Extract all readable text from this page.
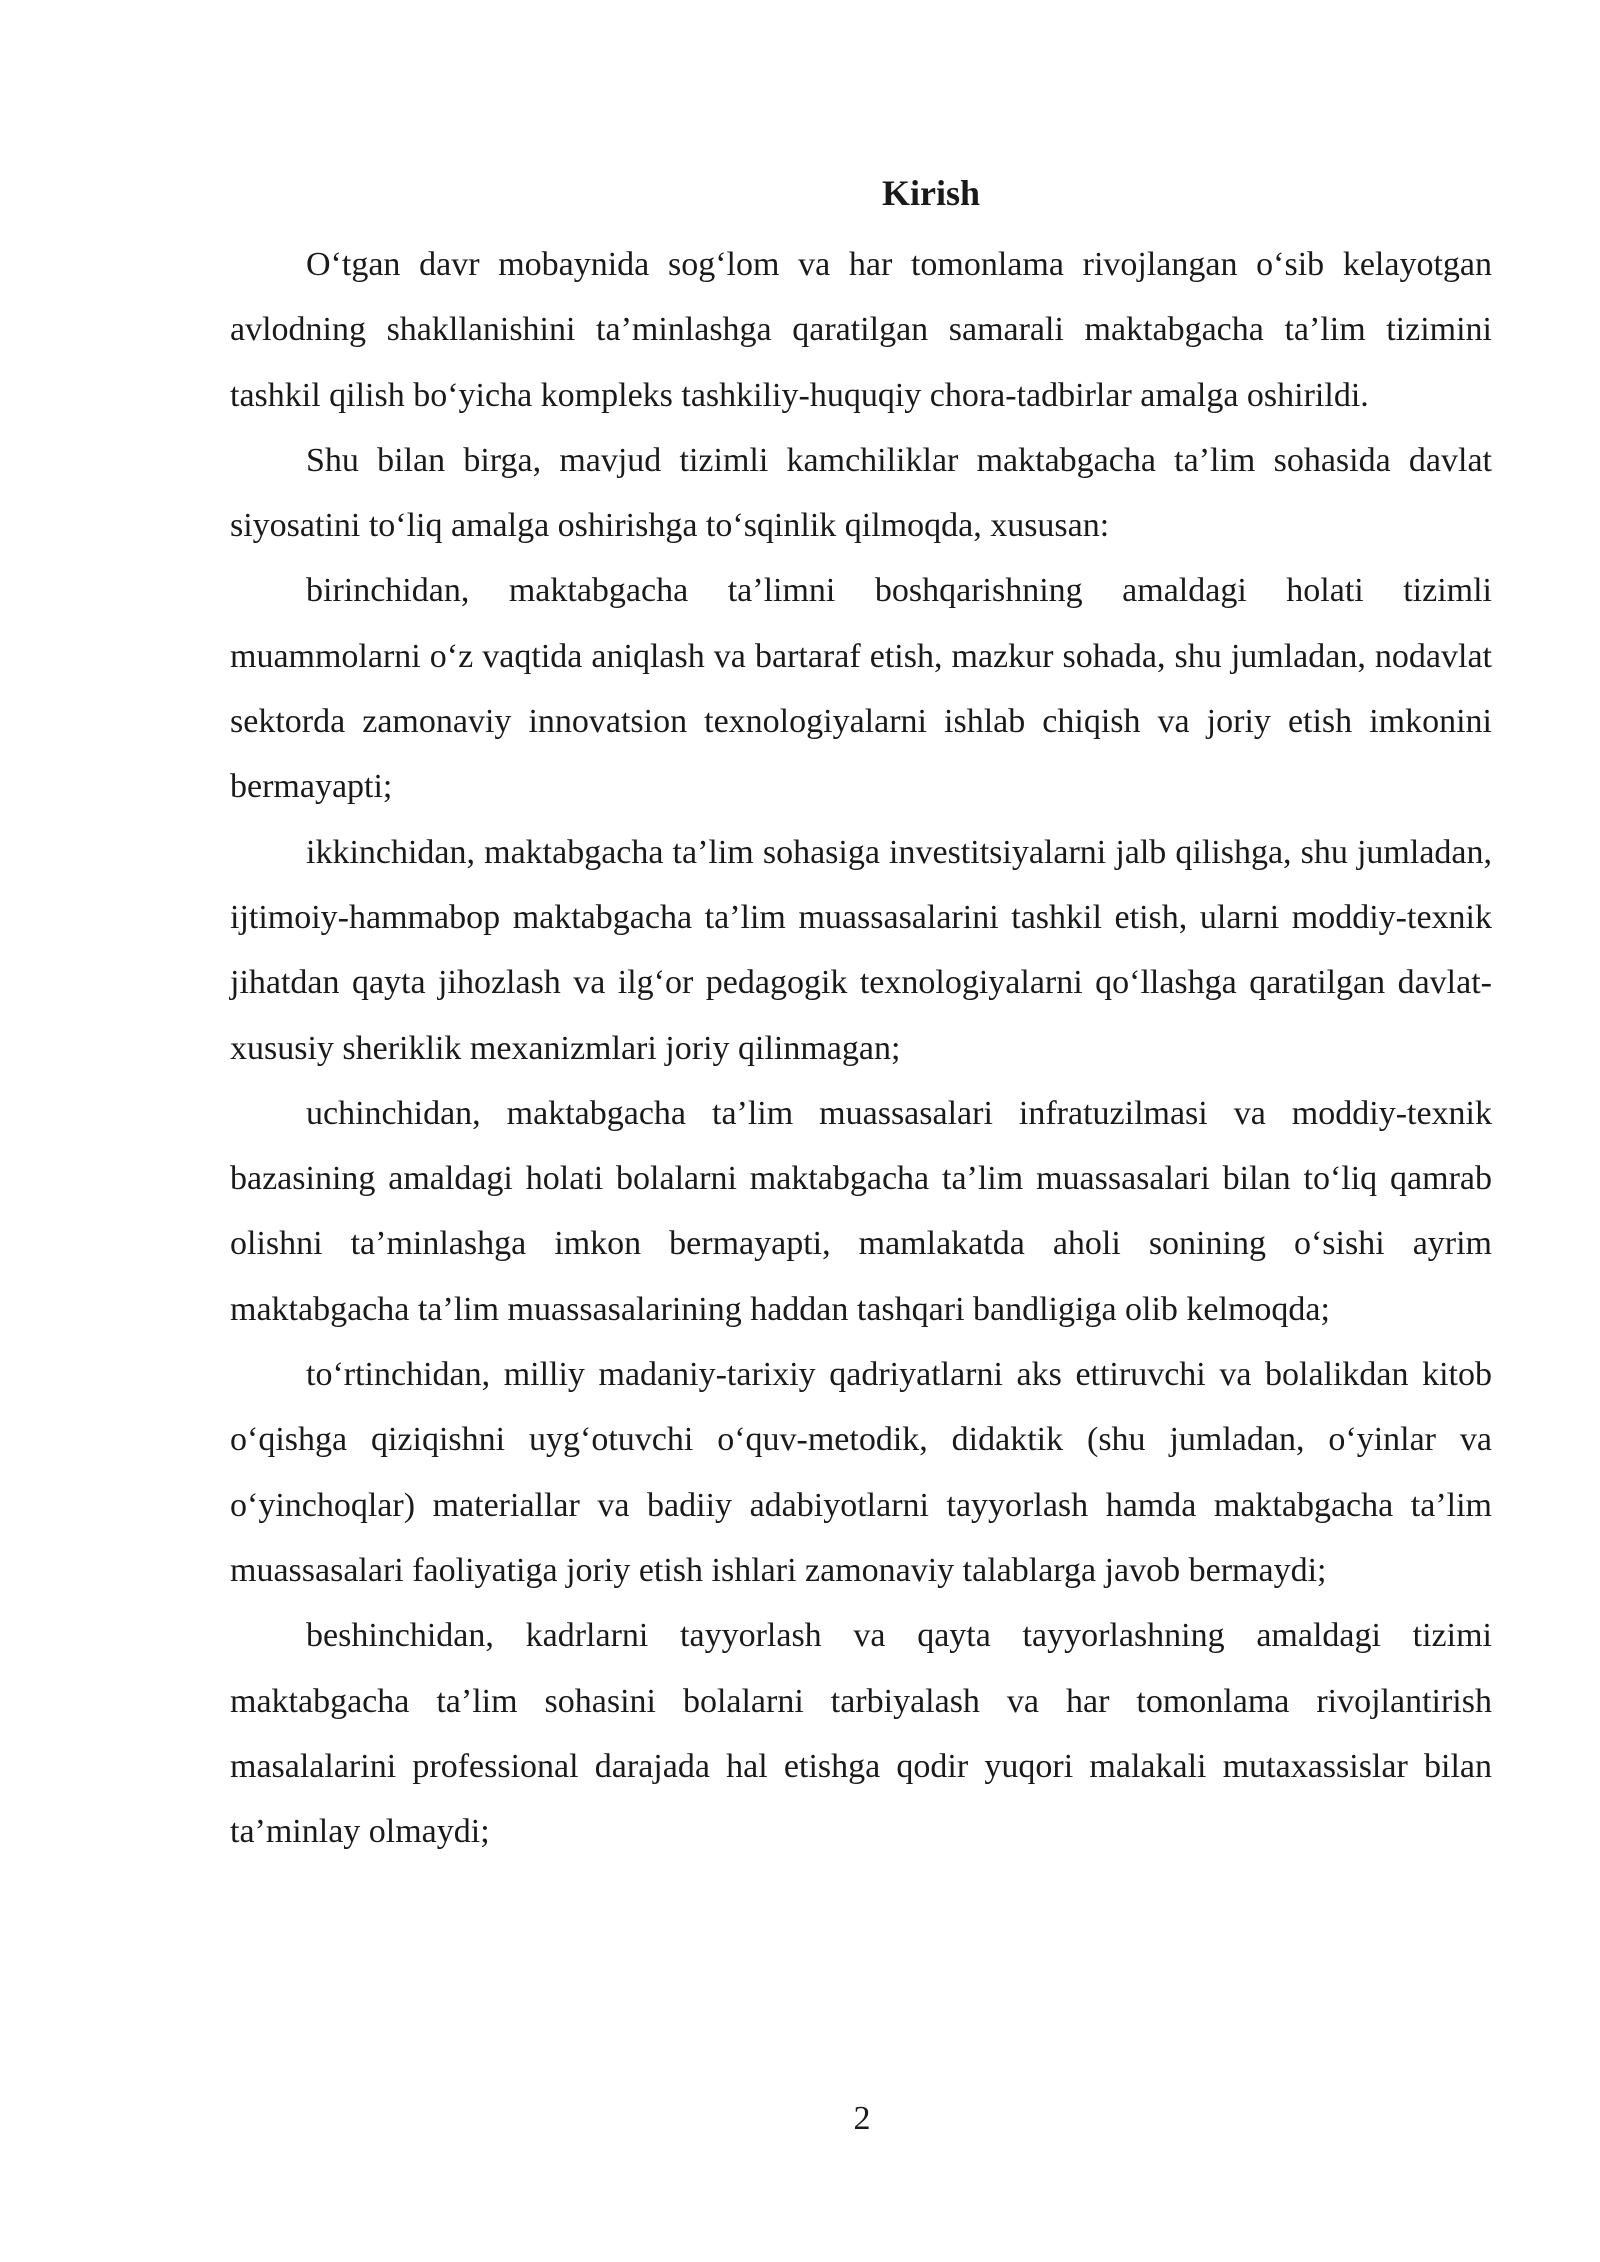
Kirish

O‘tgan davr mobaynida sog‘lom va har tomonlama rivojlangan o‘sib kelayotgan avlodning shakllanishini ta’minlashga qaratilgan samarali maktabgacha ta’lim tizimini tashkil qilish bo‘yicha kompleks tashkiliy-huquqiy chora-tadbirlar amalga oshirildi.

Shu bilan birga, mavjud tizimli kamchiliklar maktabgacha ta’lim sohasida davlat siyosatini to‘liq amalga oshirishga to‘sqinlik qilmoqda, xususan:

birinchidan, maktabgacha ta’limni boshqarishning amaldagi holati tizimli muammolarni o‘z vaqtida aniqlash va bartaraf etish, mazkur sohada, shu jumladan, nodavlat sektorda zamonaviy innovatsion texnologiyalarni ishlab chiqish va joriy etish imkonini bermayapti;

ikkinchidan, maktabgacha ta’lim sohasiga investitsiyalarni jalb qilishga, shu jumladan, ijtimoiy-hammabop maktabgacha ta’lim muassasalarini tashkil etish, ularni moddiy-texnik jihatdan qayta jihozlash va ilg‘or pedagogik texnologiyalarni qo‘llashga qaratilgan davlat-xususiy sheriklik mexanizmlari joriy qilinmagan;

uchinchidan, maktabgacha ta’lim muassasalari infratuzilmasi va moddiy-texnik bazasining amaldagi holati bolalarni maktabgacha ta’lim muassasalari bilan to‘liq qamrab olishni ta’minlashga imkon bermayapti, mamlakatda aholi sonining o‘sishi ayrim maktabgacha ta’lim muassasalarining haddan tashqari bandligiga olib kelmoqda;

to‘rtinchidan, milliy madaniy-tarixiy qadriyatlarni aks ettiruvchi va bolalikdan kitob o‘qishga qiziqishni uyg‘otuvchi o‘quv-metodik, didaktik (shu jumladan, o‘yinlar va o‘yinchoqlar) materiallar va badiiy adabiyotlarni tayyorlash hamda maktabgacha ta’lim muassasalari faoliyatiga joriy etish ishlari zamonaviy talablarga javob bermaydi;

beshinchidan, kadrlarni tayyorlash va qayta tayyorlashning amaldagi tizimi maktabgacha ta’lim sohasini bolalarni tarbiyalash va har tomonlama rivojlantirish masalalarini professional darajada hal etishga qodir yuqori malakali mutaxassislar bilan ta’minlay olmaydi;

2
